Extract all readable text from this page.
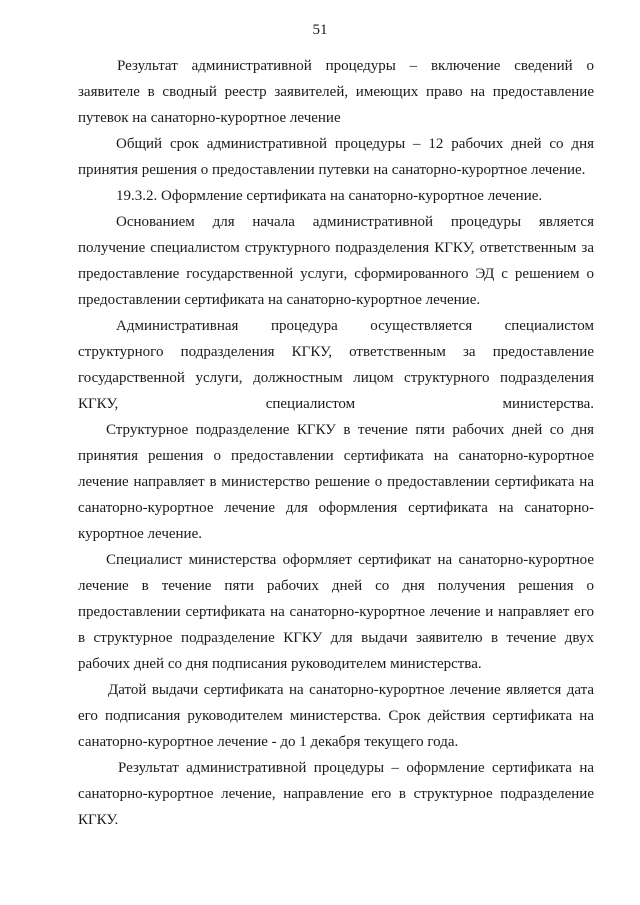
51

Результат административной процедуры – включение сведений о заявителе в сводный реестр заявителей, имеющих право на предоставление путевок на санаторно-курортное лечение

Общий срок административной процедуры – 12 рабочих дней со дня принятия решения о предоставлении путевки на санаторно-курортное лечение.

19.3.2. Оформление сертификата на санаторно-курортное лечение.

Основанием для начала административной процедуры является получение специалистом структурного подразделения КГКУ, ответственным за предоставление государственной услуги, сформированного ЭД с решением о предоставлении сертификата на санаторно-курортное лечение.

Административная процедура осуществляется специалистом структурного подразделения КГКУ, ответственным за предоставление государственной услуги, должностным лицом структурного подразделения КГКУ, специалистом министерства.

Структурное подразделение КГКУ в течение пяти рабочих дней со дня принятия решения о предоставлении сертификата на санаторно-курортное лечение направляет в министерство решение о предоставлении сертификата на санаторно-курортное лечение для оформления сертификата на санаторно-курортное лечение.

Специалист министерства оформляет сертификат на санаторно-курортное лечение в течение пяти рабочих дней со дня получения решения о предоставлении сертификата на санаторно-курортное лечение и направляет его в структурное подразделение КГКУ для выдачи заявителю в течение двух рабочих дней со дня подписания руководителем министерства.

Датой выдачи сертификата на санаторно-курортное лечение является дата его подписания руководителем министерства. Срок действия сертификата на санаторно-курортное лечение - до 1 декабря текущего года.

Результат административной процедуры – оформление сертификата на санаторно-курортное лечение, направление его в структурное подразделение КГКУ.
